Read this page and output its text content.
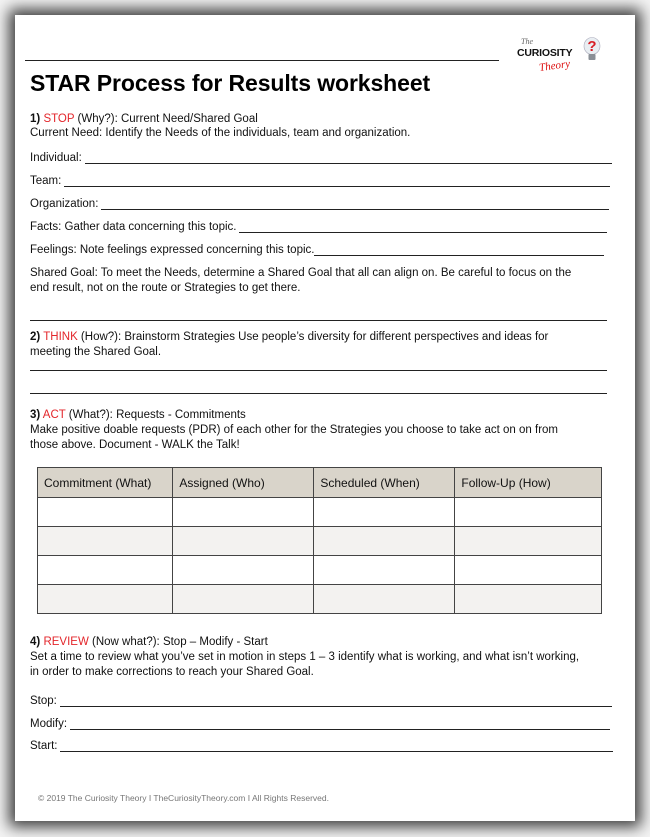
The
CURIOSITY
Theory
?
STAR Process for Results worksheet
1) STOP (Why?): Current Need/Shared Goal
Current Need: Identify the Needs of the individuals, team and organization.
Individual:
Team:
Organization:
Facts: Gather data concerning this topic.
Feelings: Note feelings expressed concerning this topic.
Shared Goal: To meet the Needs, determine a Shared Goal that all can align on. Be careful to focus on the
end result, not on the route or Strategies to get there.
2) THINK (How?): Brainstorm Strategies Use people’s diversity for different perspectives and ideas for
meeting the Shared Goal.
3) ACT (What?): Requests - Commitments
Make positive doable requests (PDR) of each other for the Strategies you choose to take act on on from
those above. Document - WALK the Talk!
Commitment (What)	Assigned (Who)	Scheduled (When)	Follow-Up (How)

4) REVIEW (Now what?): Stop – Modify - Start
Set a time to review what you’ve set in motion in steps 1 – 3 identify what is working, and what isn’t working,
in order to make corrections to reach your Shared Goal.
Stop:
Modify:
Start:
© 2019 The Curiosity Theory I TheCuriosityTheory.com I All Rights Reserved.
